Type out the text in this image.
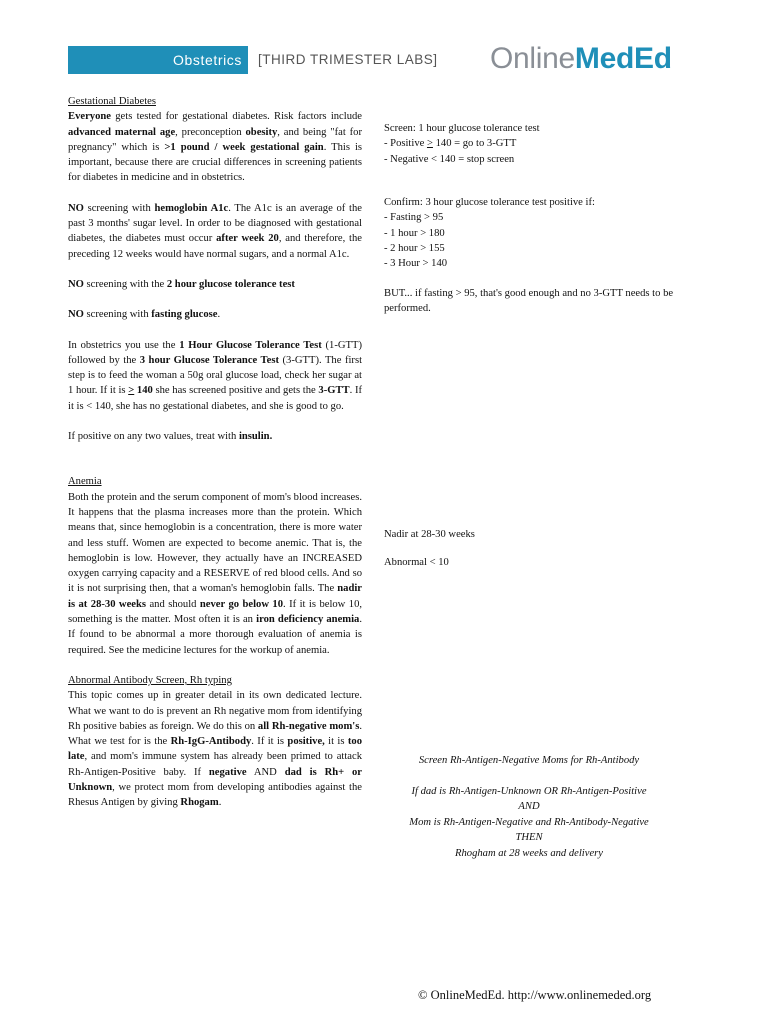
Obstetrics [THIRD TRIMESTER LABS] OnlineMedEd

Gestational Diabetes

Everyone gets tested for gestational diabetes. Risk factors include advanced maternal age, preconception obesity, and being "fat for pregnancy" which is >1 pound / week gestational gain. This is important, because there are crucial differences in screening patients for diabetes in medicine and in obstetrics.

NO screening with hemoglobin A1c. The A1c is an average of the past 3 months' sugar level. In order to be diagnosed with gestational diabetes, the diabetes must occur after week 20, and therefore, the preceding 12 weeks would have normal sugars, and a normal A1c.

NO screening with the 2 hour glucose tolerance test

NO screening with fasting glucose.

In obstetrics you use the 1 Hour Glucose Tolerance Test (1-GTT) followed by the 3 hour Glucose Tolerance Test (3-GTT). The first step is to feed the woman a 50g oral glucose load, check her sugar at 1 hour. If it is > 140 she has screened positive and gets the 3-GTT. If it is < 140, she has no gestational diabetes, and she is good to go.

If positive on any two values, treat with insulin.

Anemia

Both the protein and the serum component of mom's blood increases. It happens that the plasma increases more than the protein. Which means that, since hemoglobin is a concentration, there is more water and less stuff. Women are expected to become anemic. That is, the hemoglobin is low. However, they actually have an INCREASED oxygen carrying capacity and a RESERVE of red blood cells. And so it is not surprising then, that a woman's hemoglobin falls. The nadir is at 28-30 weeks and should never go below 10. If it is below 10, something is the matter. Most often it is an iron deficiency anemia. If found to be abnormal a more thorough evaluation of anemia is required. See the medicine lectures for the workup of anemia.

Abnormal Antibody Screen, Rh typing

This topic comes up in greater detail in its own dedicated lecture. What we want to do is prevent an Rh negative mom from identifying Rh positive babies as foreign. We do this on all Rh-negative mom's. What we test for is the Rh-IgG-Antibody. If it is positive, it is too late, and mom's immune system has already been primed to attack Rh-Antigen-Positive baby. If negative AND dad is Rh+ or Unknown, we protect mom from developing antibodies against the Rhesus Antigen by giving Rhogam.

Screen: 1 hour glucose tolerance test

- Positive > 140 = go to 3-GTT

- Negative < 140 = stop screen

Confirm: 3 hour glucose tolerance test positive if:

- Fasting > 95

- 1 hour > 180

- 2 hour > 155

- 3 Hour > 140

BUT... if fasting > 95, that's good enough and no 3-GTT needs to be performed.

Nadir at 28-30 weeks

Abnormal < 10

Screen Rh-Antigen-Negative Moms for Rh-Antibody

If dad is Rh-Antigen-Unknown OR Rh-Antigen-Positive

AND

Mom is Rh-Antigen-Negative and Rh-Antibody-Negative

THEN

Rhogham at 28 weeks and delivery

© OnlineMedEd. http://www.onlinemeded.org
